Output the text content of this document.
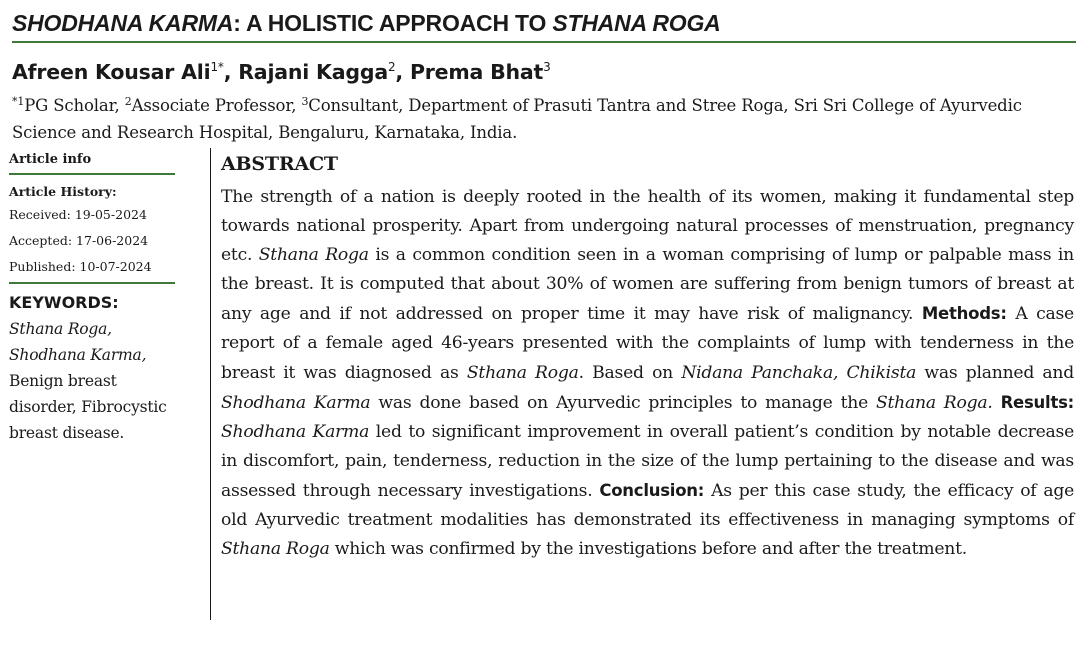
SHODHANA KARMA: A HOLISTIC APPROACH TO STHANA ROGA
Afreen Kousar Ali$^{1*}$, Rajani Kagga$^2$, Prema Bhat$^3$
$^{*1}$PG Scholar, $^2$Associate Professor, $^3$Consultant, Department of Prasuti Tantra and Stree Roga, Sri Sri College of Ayurvedic Science and Research Hospital, Bengaluru, Karnataka, India.
Article info
Article History:
Received: 19-05-2024
Accepted: 17-06-2024
Published: 10-07-2024
KEYWORDS:
Sthana Roga,
Shodhana Karma,
Benign breast
disorder, Fibrocystic
breast disease.
ABSTRACT
The strength of a nation is deeply rooted in the health of its women, making it fundamental step towards national prosperity. Apart from undergoing natural processes of menstruation, pregnancy etc. Sthana Roga is a common condition seen in a woman comprising of lump or palpable mass in the breast. It is computed that about 30% of women are suffering from benign tumors of breast at any age and if not addressed on proper time it may have risk of malignancy. Methods: A case report of a female aged 46-years presented with the complaints of lump with tenderness in the breast it was diagnosed as Sthana Roga. Based on Nidana Panchaka, Chikista was planned and Shodhana Karma was done based on Ayurvedic principles to manage the Sthana Roga. Results: Shodhana Karma led to significant improvement in overall patient’s condition by notable decrease in discomfort, pain, tenderness, reduction in the size of the lump pertaining to the disease and was assessed through necessary investigations. Conclusion: As per this case study, the efficacy of age old Ayurvedic treatment modalities has demonstrated its effectiveness in managing symptoms of Sthana Roga which was confirmed by the investigations before and after the treatment.
